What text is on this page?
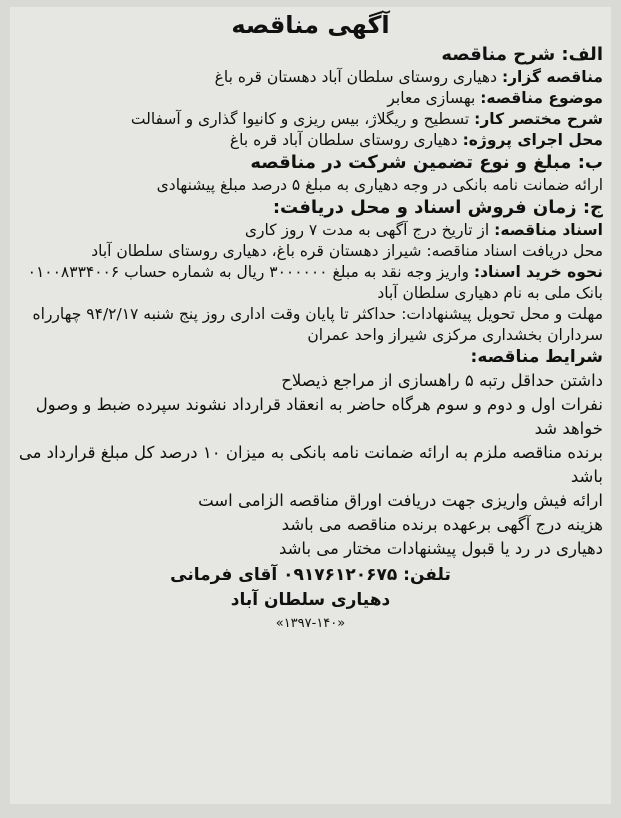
آگهی مناقصه
الف: شرح مناقصه
مناقصه گزار: دهیاری روستای سلطان آباد دهستان قره باغ
موضوع مناقصه: بهسازی معابر
شرح مختصر کار: تسطیح و ریگلاژ، بیس ریزی و کانیوا گذاری و آسفالت
محل اجرای پروژه: دهیاری روستای سلطان آباد قره باغ
ب: مبلغ و نوع تضمین شرکت در مناقصه
ارائه ضمانت نامه بانکی در وجه دهیاری به مبلغ ۵ درصد مبلغ پیشنهادی
ج: زمان فروش اسناد و محل دریافت:
اسناد مناقصه: از تاریخ درج آگهی به مدت ۷ روز کاری
محل دریافت اسناد مناقصه: شیراز دهستان قره باغ، دهیاری روستای سلطان آباد
نحوه خرید اسناد: واریز وجه نقد به مبلغ ۳۰۰۰۰۰۰ ریال به شماره حساب ۰۱۰۰۸۳۳۴۰۰۶ بانک ملی به نام دهیاری سلطان آباد
مهلت و محل تحویل پیشنهادات: حداکثر تا پایان وقت اداری روز پنج شنبه ۹۴/۲/۱۷ چهارراه سرداران بخشداری مرکزی شیراز واحد عمران
شرایط مناقصه:
داشتن حداقل رتبه ۵ راهسازی از مراجع ذیصلاح
نفرات اول و دوم و سوم هرگاه حاضر به انعقاد قرارداد نشوند سپرده ضبط و وصول خواهد شد
برنده مناقصه ملزم به ارائه ضمانت نامه بانکی به میزان ۱۰ درصد کل مبلغ قرارداد می باشد
ارائه فیش واریزی جهت دریافت اوراق مناقصه الزامی است
هزینه درج آگهی برعهده برنده مناقصه می باشد
دهیاری در رد یا قبول پیشنهادات مختار می باشد
تلفن: ۰۹۱۷۶۱۲۰۶۷۵ آقای فرمانی
دهیاری سلطان آباد
«۱۳۹۷-۱۴۰»
